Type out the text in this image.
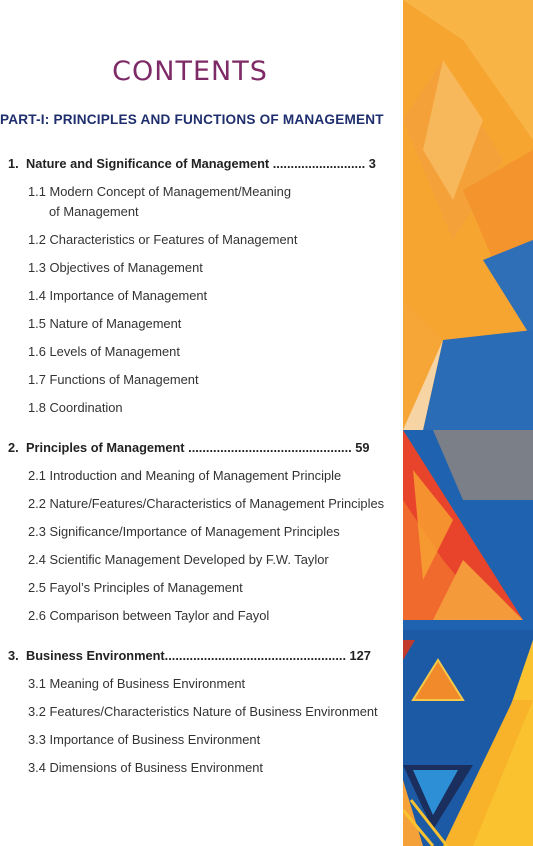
CONTENTS
PART-I: PRINCIPLES AND FUNCTIONS OF MANAGEMENT
1. Nature and Significance of Management .......................... 3
1.1 Modern Concept of Management/Meaning
of Management
1.2 Characteristics or Features of Management
1.3 Objectives of Management
1.4 Importance of Management
1.5 Nature of Management
1.6 Levels of Management
1.7 Functions of Management
1.8 Coordination
2. Principles of Management .............................................. 59
2.1 Introduction and Meaning of Management Principle
2.2 Nature/Features/Characteristics of Management Principles
2.3 Significance/Importance of Management Principles
2.4 Scientific Management Developed by F.W. Taylor
2.5 Fayol’s Principles of Management
2.6 Comparison between Taylor and Fayol
3. Business Environment................................................... 127
3.1 Meaning of Business Environment
3.2 Features/Characteristics Nature of Business Environment
3.3 Importance of Business Environment
3.4 Dimensions of Business Environment
